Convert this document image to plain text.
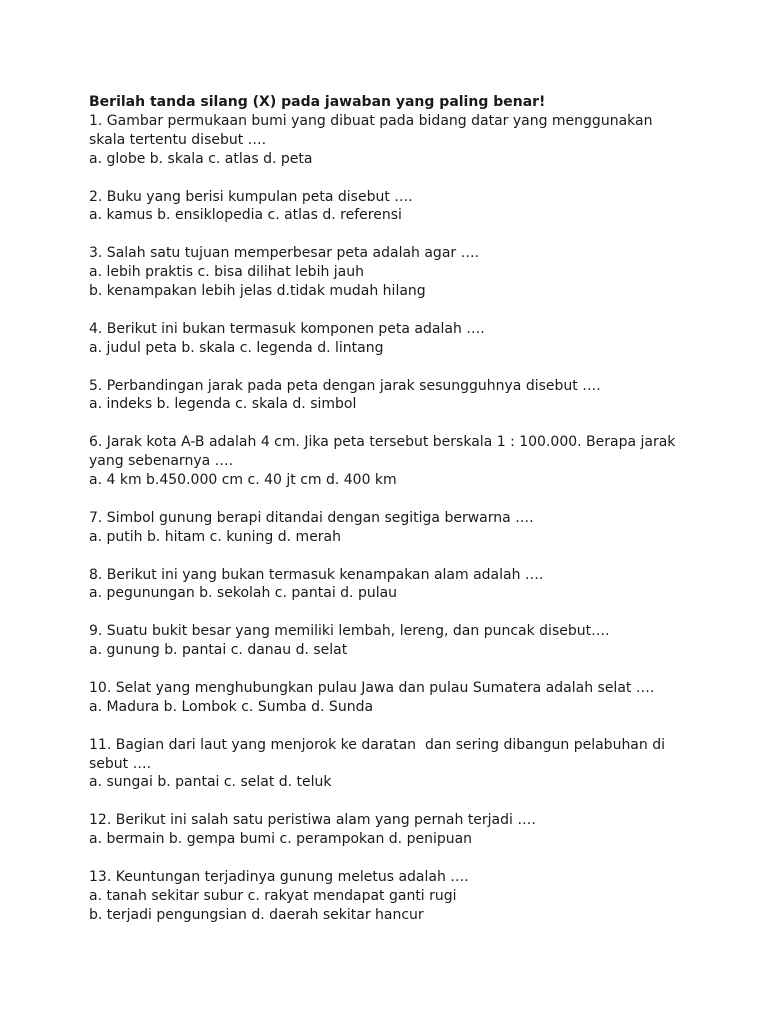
Berilah tanda silang (X) pada jawaban yang paling benar!

1. Gambar permukaan bumi yang dibuat pada bidang datar yang menggunakan
skala tertentu disebut ….
a. globe b. skala c. atlas d. peta
2. Buku yang berisi kumpulan peta disebut ….
a. kamus b. ensiklopedia c. atlas d. referensi
3. Salah satu tujuan memperbesar peta adalah agar ….
a. lebih praktis c. bisa dilihat lebih jauh
b. kenampakan lebih jelas d.tidak mudah hilang
4. Berikut ini bukan termasuk komponen peta adalah ….
a. judul peta b. skala c. legenda d. lintang
5. Perbandingan jarak pada peta dengan jarak sesungguhnya disebut ….
a. indeks b. legenda c. skala d. simbol
6. Jarak kota A-B adalah 4 cm. Jika peta tersebut berskala 1 : 100.000. Berapa jarak
yang sebenarnya ….
a. 4 km b.450.000 cm c. 40 jt cm d. 400 km
7. Simbol gunung berapi ditandai dengan segitiga berwarna ….
a. putih b. hitam c. kuning d. merah
8. Berikut ini yang bukan termasuk kenampakan alam adalah ….
a. pegunungan b. sekolah c. pantai d. pulau
9. Suatu bukit besar yang memiliki lembah, lereng, dan puncak disebut….
a. gunung b. pantai c. danau d. selat
10. Selat yang menghubungkan pulau Jawa dan pulau Sumatera adalah selat ….
a. Madura b. Lombok c. Sumba d. Sunda
11. Bagian dari laut yang menjorok ke daratan  dan sering dibangun pelabuhan di
sebut ….
a. sungai b. pantai c. selat d. teluk
12. Berikut ini salah satu peristiwa alam yang pernah terjadi ….
a. bermain b. gempa bumi c. perampokan d. penipuan
13. Keuntungan terjadinya gunung meletus adalah ….
a. tanah sekitar subur c. rakyat mendapat ganti rugi
b. terjadi pengungsian d. daerah sekitar hancur
